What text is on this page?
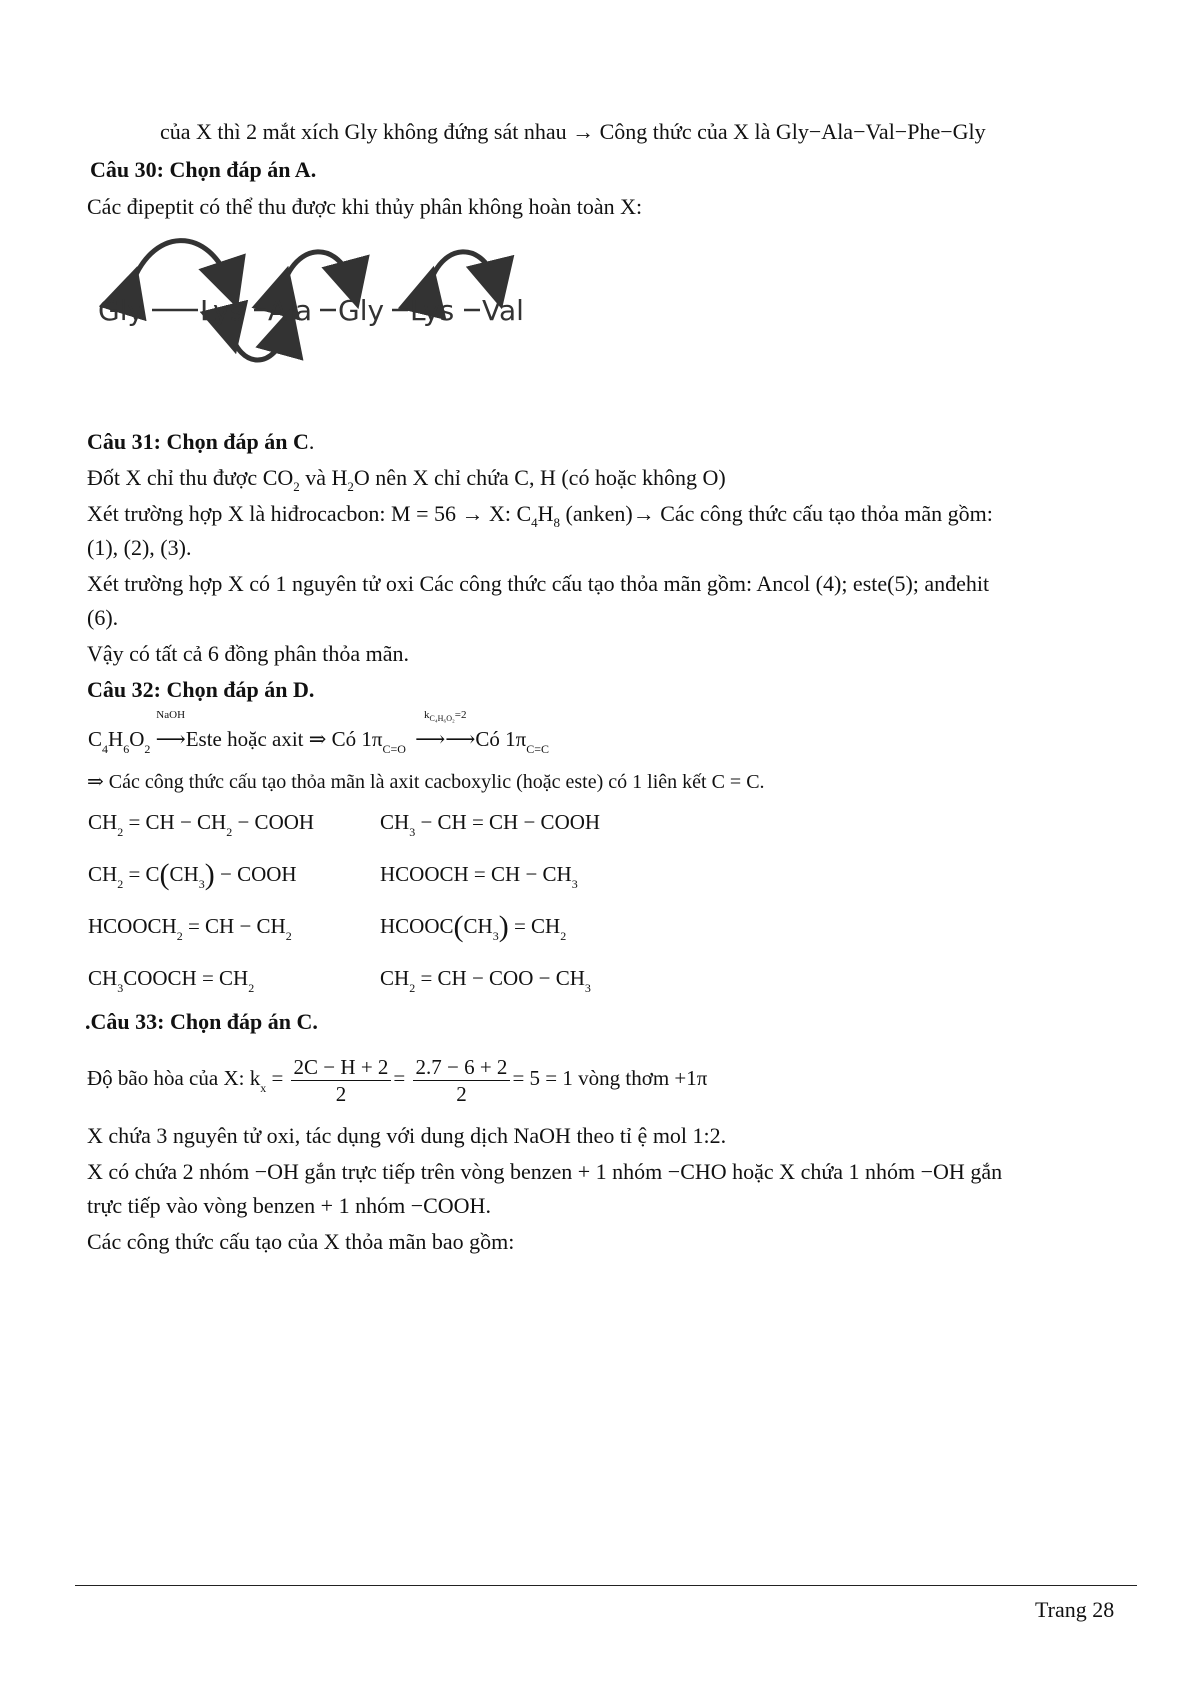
của X thì 2 mắt xích Gly không đứng sát nhau → Công thức của X là Gly−Ala−Val−Phe−Gly
Câu 30: Chọn đáp án A.
Các đipeptit có thể thu được khi thủy phân không hoàn toàn X:
Gly Lys Ala Gly Lys Val
Câu 31: Chọn đáp án C.
Đốt X chỉ thu được $CO_2$ và $H_2O$ nên X chỉ chứa C, H (có hoặc không O)
Xét trường hợp X là hiđrocacbon: M = 56 → X: $C_4H_8$ (anken)→ Các công thức cấu tạo thỏa mãn gồm:
(1), (2), (3).
Xét trường hợp X có 1 nguyên tử oxi Các công thức cấu tạo thỏa mãn gồm: Ancol (4); este(5); anđehit
(6).
Vậy có tất cả 6 đồng phân thỏa mãn.
Câu 32: Chọn đáp án D.
$C_4H_6O_2$
NaOH
⟶Este hoặc axit ⇒ Có $1\pi_{C=O}$
$k_{C_4H_6O_2}=2$
⟶⟶Có $1\pi_{C=C}$
⇒ Các công thức cấu tạo thỏa mãn là axit cacboxylic (hoặc este) có 1 liên kết C = C.
$CH_2$ = CH − $CH_2$ − COOH	$CH_3$ − CH = CH − COOH
$CH_2 = C(CH_3)$ − COOH	HCOOCH = CH − $CH_3$
$HCOOCH_2$ = CH − $CH_2$	$HCOOC(CH_3) = CH_2$
$CH_3COOCH = CH_2$	$CH_2$ = CH − COO − $CH_3$
.Câu 33: Chọn đáp án C.
Độ bão hòa của X: $k_x = \frac{2C - H + 2}{2} = \frac{2.7 - 6 + 2}{2} = 5 = 1$ vòng thơm +1π
X chứa 3 nguyên tử oxi, tác dụng với dung dịch NaOH theo tỉ ệ mol 1:2.
X có chứa 2 nhóm −OH gắn trực tiếp trên vòng benzen + 1 nhóm −CHO hoặc X chứa 1 nhóm −OH gắn
trực tiếp vào vòng benzen + 1 nhóm −COOH.
Các công thức cấu tạo của X thỏa mãn bao gồm:
Trang 28
